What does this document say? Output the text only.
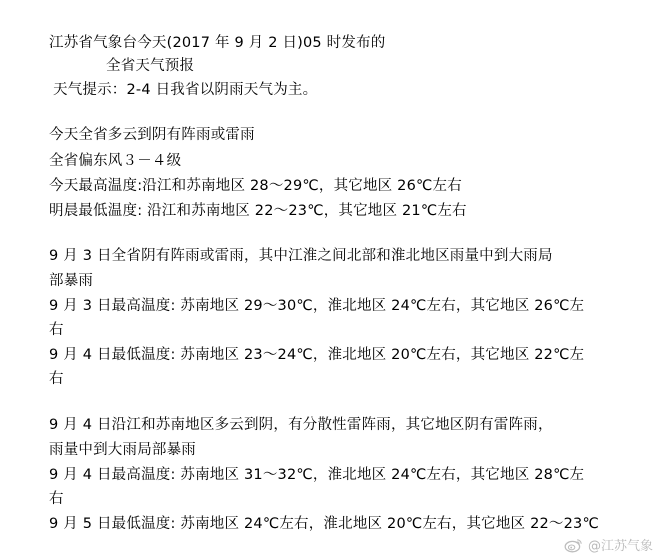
江苏省气象台今天(2017 年 9 月 2 日)05 时发布的
全省天气预报
天气提示：2-4 日我省以阴雨天气为主。
今天全省多云到阴有阵雨或雷雨
全省偏东风３－４级
今天最高温度:沿江和苏南地区 28～29℃，其它地区 26℃左右
明晨最低温度: 沿江和苏南地区 22～23℃，其它地区 21℃左右
9 月 3 日全省阴有阵雨或雷雨，其中江淮之间北部和淮北地区雨量中到大雨局
部暴雨
9 月 3 日最高温度: 苏南地区 29～30℃，淮北地区 24℃左右，其它地区 26℃左
右
9 月 4 日最低温度: 苏南地区 23～24℃，淮北地区 20℃左右，其它地区 22℃左
右
9 月 4 日沿江和苏南地区多云到阴，有分散性雷阵雨，其它地区阴有雷阵雨，
雨量中到大雨局部暴雨
9 月 4 日最高温度: 苏南地区 31～32℃，淮北地区 24℃左右，其它地区 28℃左
右
9 月 5 日最低温度: 苏南地区 24℃左右，淮北地区 20℃左右，其它地区 22～23℃
@江苏气象
